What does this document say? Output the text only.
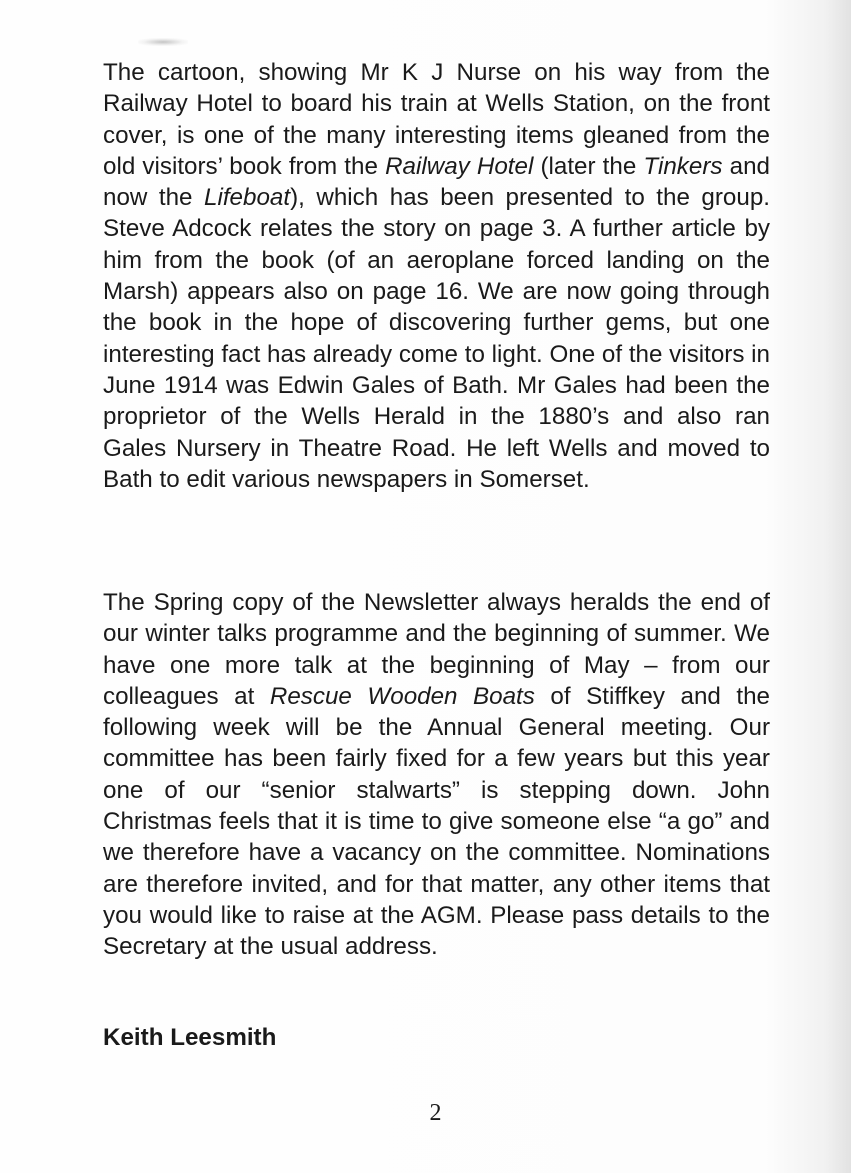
The cartoon, showing Mr K J Nurse on his way from the Railway Hotel to board his train at Wells Station, on the front cover, is one of the many interesting items gleaned from the old visitors’ book from the Railway Hotel (later the Tinkers and now the Lifeboat), which has been presented to the group. Steve Adcock relates the story on page 3. A further article by him from the book (of an aeroplane forced landing on the Marsh) appears also on page 16. We are now going through the book in the hope of discovering further gems, but one interesting fact has already come to light. One of the visitors in June 1914 was Edwin Gales of Bath. Mr Gales had been the proprietor of the Wells Herald in the 1880’s and also ran Gales Nursery in Theatre Road. He left Wells and moved to Bath to edit various newspapers in Somerset.

The Spring copy of the Newsletter always heralds the end of our winter talks programme and the beginning of summer. We have one more talk at the beginning of May – from our colleagues at Rescue Wooden Boats of Stiffkey and the following week will be the Annual General meeting. Our committee has been fairly fixed for a few years but this year one of our “senior stalwarts” is stepping down. John Christmas feels that it is time to give someone else “a go” and we therefore have a vacancy on the committee. Nominations are therefore invited, and for that matter, any other items that you would like to raise at the AGM. Please pass details to the Secretary at the usual address.

Keith Leesmith
2
